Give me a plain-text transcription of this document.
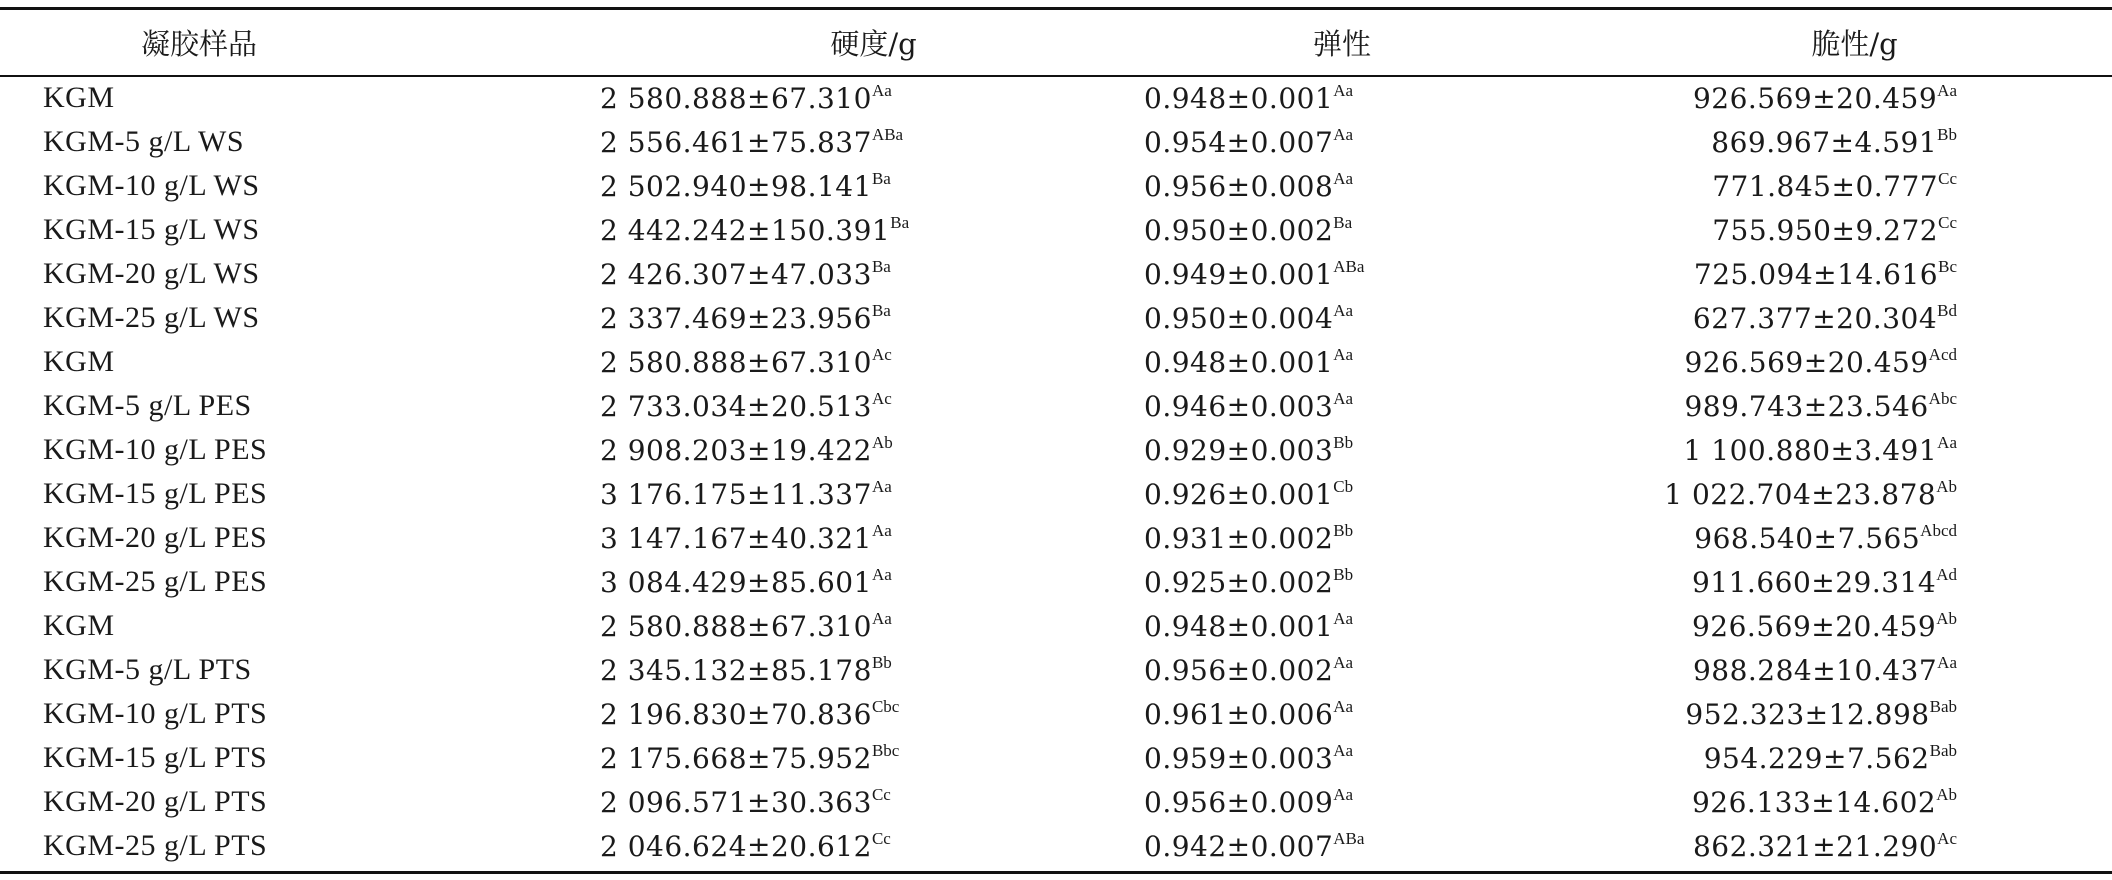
凝胶样品	硬度/g	弹性	脆性/g
KGM	2 $580.888\pm 67.310^{Aa}$	$0.948\pm 0.001^{Aa}$	$926.569\pm 20.459^{Aa}$
KGM-5 g/L WS	2 $556.461\pm 75.837^{ABa}$	$0.954\pm 0.007^{Aa}$	$869.967\pm 4.591^{Bb}$
KGM-10 g/L WS	2 $502.940\pm 98.141^{Ba}$	$0.956\pm 0.008^{Aa}$	$771.845\pm 0.777^{Cc}$
KGM-15 g/L WS	2 $442.242\pm 150.391^{Ba}$	$0.950\pm 0.002^{Ba}$	$755.950\pm 9.272^{Cc}$
KGM-20 g/L WS	2 $426.307\pm 47.033^{Ba}$	$0.949\pm 0.001^{ABa}$	$725.094\pm 14.616^{Bc}$
KGM-25 g/L WS	2 $337.469\pm 23.956^{Ba}$	$0.950\pm 0.004^{Aa}$	$627.377\pm 20.304^{Bd}$
KGM	2 $580.888\pm 67.310^{Ac}$	$0.948\pm 0.001^{Aa}$	$926.569\pm 20.459^{Acd}$
KGM-5 g/L PES	2 $733.034\pm 20.513^{Ac}$	$0.946\pm 0.003^{Aa}$	$989.743\pm 23.546^{Abc}$
KGM-10 g/L PES	2 $908.203\pm 19.422^{Ab}$	$0.929\pm 0.003^{Bb}$	1 $100.880\pm 3.491^{Aa}$
KGM-15 g/L PES	3 $176.175\pm 11.337^{Aa}$	$0.926\pm 0.001^{Cb}$	1 $022.704\pm 23.878^{Ab}$
KGM-20 g/L PES	3 $147.167\pm 40.321^{Aa}$	$0.931\pm 0.002^{Bb}$	$968.540\pm 7.565^{Abcd}$
KGM-25 g/L PES	3 $084.429\pm 85.601^{Aa}$	$0.925\pm 0.002^{Bb}$	$911.660\pm 29.314^{Ad}$
KGM	2 $580.888\pm 67.310^{Aa}$	$0.948\pm 0.001^{Aa}$	$926.569\pm 20.459^{Ab}$
KGM-5 g/L PTS	2 $345.132\pm 85.178^{Bb}$	$0.956\pm 0.002^{Aa}$	$988.284\pm 10.437^{Aa}$
KGM-10 g/L PTS	2 $196.830\pm 70.836^{Cbc}$	$0.961\pm 0.006^{Aa}$	$952.323\pm 12.898^{Bab}$
KGM-15 g/L PTS	2 $175.668\pm 75.952^{Bbc}$	$0.959\pm 0.003^{Aa}$	$954.229\pm 7.562^{Bab}$
KGM-20 g/L PTS	2 $096.571\pm 30.363^{Cc}$	$0.956\pm 0.009^{Aa}$	$926.133\pm 14.602^{Ab}$
KGM-25 g/L PTS	2 $046.624\pm 20.612^{Cc}$	$0.942\pm 0.007^{ABa}$	$862.321\pm 21.290^{Ac}$
